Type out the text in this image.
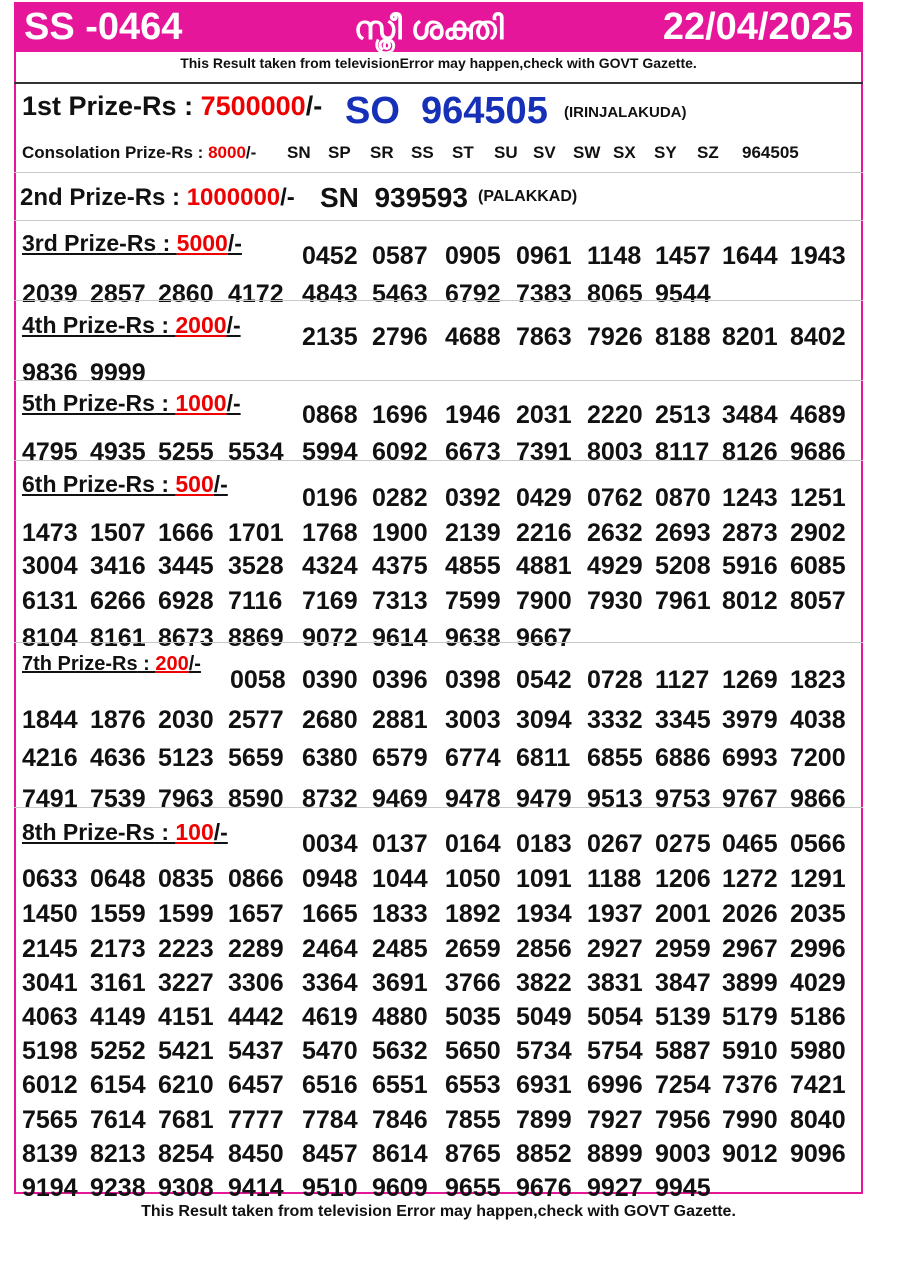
SS -0464	സ്ത്രീ ശക്തി	22/04/2025
This Result taken from televisionError may happen,check with GOVT Gazette.
1st Prize-Rs : 7500000/- SO  964505 (IRINJALAKUDA)
Consolation Prize-Rs : 8000/- SN SP SR SS ST SU SV SW SX SY SZ 964505
2nd Prize-Rs : 1000000/- SN  939593 (PALAKKAD)
3rd Prize-Rs : 5000/- 0452 0587 0905 0961 1148 1457 1644 1943
2039 2857 2860 4172 4843 5463 6792 7383 8065 9544
4th Prize-Rs : 2000/- 2135 2796 4688 7863 7926 8188 8201 8402
9836 9999
5th Prize-Rs : 1000/- 0868 1696 1946 2031 2220 2513 3484 4689
4795 4935 5255 5534 5994 6092 6673 7391 8003 8117 8126 9686
6th Prize-Rs : 500/-	0196 0282 0392 0429 0762 0870 1243 1251
1473 1507 1666 1701 1768 1900 2139 2216 2632 2693 2873 2902
3004 3416 3445 3528 4324 4375 4855 4881 4929 5208 5916 6085
6131 6266 6928 7116 7169 7313 7599 7900 7930 7961 8012 8057
8104 8161 8673 8869 9072 9614 9638 9667
7th Prize-Rs : 200/-
0058 0390 0396 0398 0542 0728 1127 1269 1823
1844 1876 2030 2577 2680 2881 3003 3094 3332 3345 3979 4038
4216 4636 5123 5659 6380 6579 6774 6811 6855 6886 6993 7200
7491 7539 7963 8590 8732 9469 9478 9479 9513 9753 9767 9866
8th Prize-Rs : 100/-	0034 0137 0164 0183 0267 0275 0465 0566
0633 0648 0835 0866 0948 1044 1050 1091 1188 1206 1272 1291
1450 1559 1599 1657 1665 1833 1892 1934 1937 2001 2026 2035
2145 2173 2223 2289 2464 2485 2659 2856 2927 2959 2967 2996
3041 3161 3227 3306 3364 3691 3766 3822 3831 3847 3899 4029
4063 4149 4151 4442 4619 4880 5035 5049 5054 5139 5179 5186
5198 5252 5421 5437 5470 5632 5650 5734 5754 5887 5910 5980
6012 6154 6210 6457 6516 6551 6553 6931 6996 7254 7376 7421
7565 7614 7681 7777 7784 7846 7855 7899 7927 7956 7990 8040
8139 8213 8254 8450 8457 8614 8765 8852 8899 9003 9012 9096
9194 9238 9308 9414 9510 9609 9655 9676 9927 9945
This Result taken from television Error may happen,check with GOVT Gazette.
